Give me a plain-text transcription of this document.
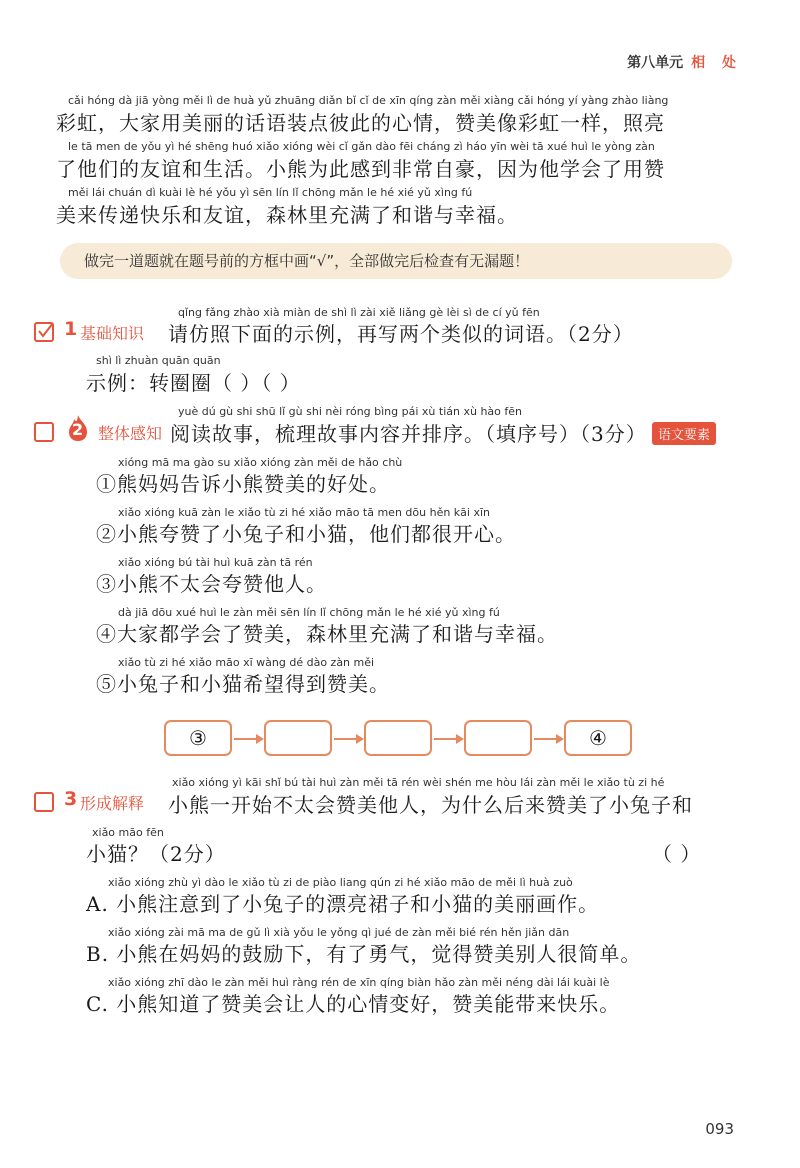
第八单元 相 处
cǎi hóng dà jiā yòng měi lì de huà yǔ zhuāng diǎn bǐ cǐ de xīn qíng zàn měi xiàng cǎi hóng yí yàng zhào liàng
彩虹，大家用美丽的话语装点彼此的心情，赞美像彩虹一样，照亮
le tā men de yǒu yì hé shēng huó xiǎo xióng wèi cǐ gǎn dào fēi cháng zì háo yīn wèi tā xué huì le yòng zàn
了他们的友谊和生活。小熊为此感到非常自豪，因为他学会了用赞
měi lái chuán dì kuài lè hé yǒu yì sēn lín lǐ chōng mǎn le hé xié yǔ xìng fú
美来传递快乐和友谊，森林里充满了和谐与幸福。
做完一道题就在题号前的方框中画“√”，全部做完后检查有无漏题！
1 基础知识
qǐng fǎng zhào xià miàn de shì lì zài xiě liǎng gè lèi sì de cí yǔ fēn
请仿照下面的示例，再写两个类似的词语。（2分）
shì lì zhuàn quān quān
示例：转圈圈（ ）（ ）
2 整体感知
yuè dú gù shi shū lǐ gù shi nèi róng bìng pái xù tián xù hào fēn
阅读故事，梳理故事内容并排序。（填序号）（3分） 语文要素
xióng mā ma gào su xiǎo xióng zàn měi de hǎo chù
①熊妈妈告诉小熊赞美的好处。
xiǎo xióng kuā zàn le xiǎo tù zi hé xiǎo māo tā men dōu hěn kāi xīn
②小熊夸赞了小兔子和小猫，他们都很开心。
xiǎo xióng bú tài huì kuā zàn tā rén
③小熊不太会夸赞他人。
dà jiā dōu xué huì le zàn měi sēn lín lǐ chōng mǎn le hé xié yǔ xìng fú
④大家都学会了赞美，森林里充满了和谐与幸福。
xiǎo tù zi hé xiǎo māo xī wàng dé dào zàn měi
⑤小兔子和小猫希望得到赞美。
③	④
3 形成解释
xiǎo xióng yì kāi shǐ bú tài huì zàn měi tā rén wèi shén me hòu lái zàn měi le xiǎo tù zi hé
小熊一开始不太会赞美他人，为什么后来赞美了小兔子和
xiǎo māo fēn
小猫？（2分）	（ ）
xiǎo xióng zhù yì dào le xiǎo tù zi de piào liang qún zi hé xiǎo māo de měi lì huà zuò
A. 小熊注意到了小兔子的漂亮裙子和小猫的美丽画作。
xiǎo xióng zài mā ma de gǔ lì xià yǒu le yǒng qì jué de zàn měi bié rén hěn jiǎn dān
B. 小熊在妈妈的鼓励下，有了勇气，觉得赞美别人很简单。
xiǎo xióng zhī dào le zàn měi huì ràng rén de xīn qíng biàn hǎo zàn měi néng dài lái kuài lè
C. 小熊知道了赞美会让人的心情变好，赞美能带来快乐。
093
